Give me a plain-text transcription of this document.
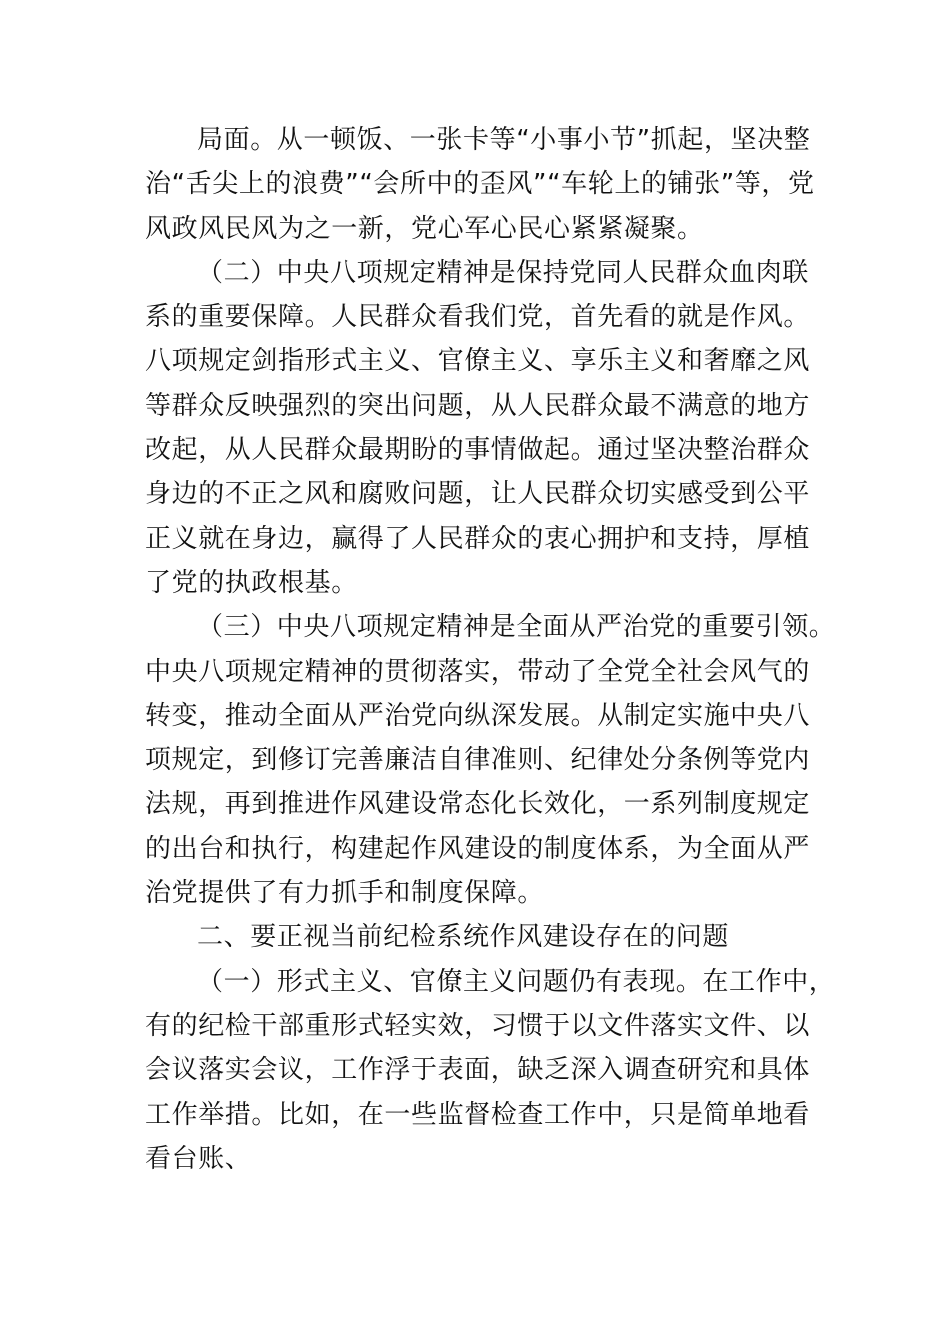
局面。从一顿饭、一张卡等“小事小节”抓起，坚决整
治“舌尖上的浪费”“会所中的歪风”“车轮上的铺张”等，党
风政风民风为之一新，党心军心民心紧紧凝聚。
（二）中央八项规定精神是保持党同人民群众血肉联
系的重要保障。人民群众看我们党，首先看的就是作风。
八项规定剑指形式主义、官僚主义、享乐主义和奢靡之风
等群众反映强烈的突出问题，从人民群众最不满意的地方
改起，从人民群众最期盼的事情做起。通过坚决整治群众
身边的不正之风和腐败问题，让人民群众切实感受到公平
正义就在身边，赢得了人民群众的衷心拥护和支持，厚植
了党的执政根基。
（三）中央八项规定精神是全面从严治党的重要引领。
中央八项规定精神的贯彻落实，带动了全党全社会风气的
转变，推动全面从严治党向纵深发展。从制定实施中央八
项规定，到修订完善廉洁自律准则、纪律处分条例等党内
法规，再到推进作风建设常态化长效化，一系列制度规定
的出台和执行，构建起作风建设的制度体系，为全面从严
治党提供了有力抓手和制度保障。
二、要正视当前纪检系统作风建设存在的问题
（一）形式主义、官僚主义问题仍有表现。在工作中，
有的纪检干部重形式轻实效，习惯于以文件落实文件、以
会议落实会议，工作浮于表面，缺乏深入调查研究和具体
工作举措。比如，在一些监督检查工作中，只是简单地看
看台账、
